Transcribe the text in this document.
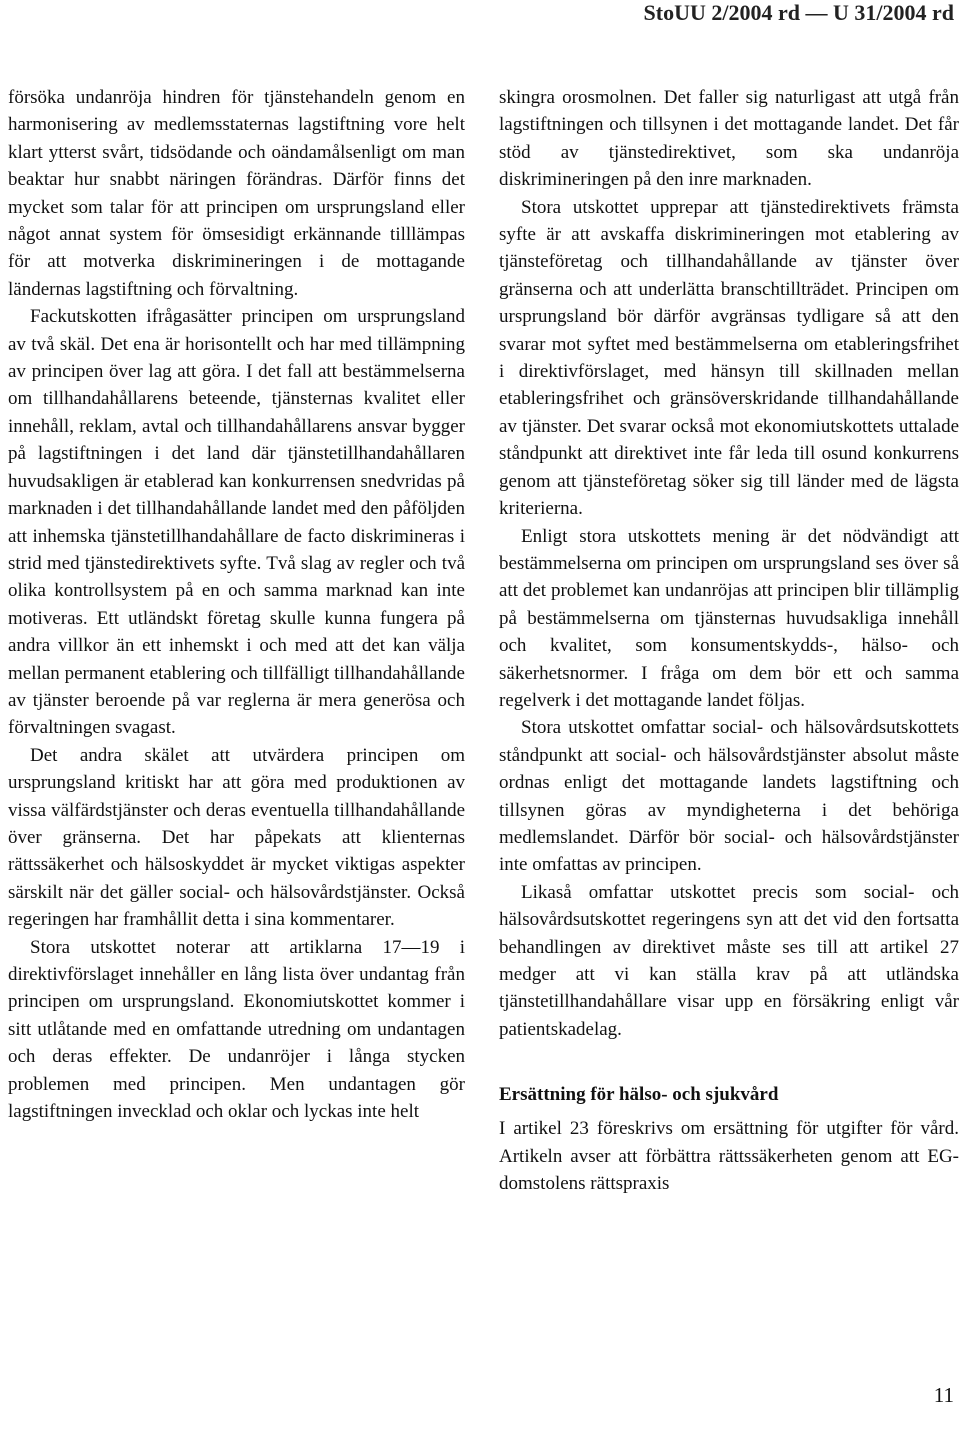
StoUU 2/2004 rd — U 31/2004 rd

försöka undanröja hindren för tjänstehandeln genom en harmonisering av medlemsstaternas lagstiftning vore helt klart ytterst svårt, tidsödande och oändamålsenligt om man beaktar hur snabbt näringen förändras. Därför finns det mycket som talar för att principen om ursprungsland eller något annat system för ömsesidigt erkännande tilllämpas för att motverka diskrimineringen i de mottagande ländernas lagstiftning och förvaltning.

Fackutskotten ifrågasätter principen om ursprungsland av två skäl. Det ena är horisontellt och har med tillämpning av principen över lag att göra. I det fall att bestämmelserna om tillhandahållarens beteende, tjänsternas kvalitet eller innehåll, reklam, avtal och tillhandahållarens ansvar bygger på lagstiftningen i det land där tjänstetillhandahållaren huvudsakligen är etablerad kan konkurrensen snedvridas på marknaden i det tillhandahållande landet med den påföljden att inhemska tjänstetillhandahållare de facto diskrimineras i strid med tjänstedirektivets syfte. Två slag av regler och två olika kontrollsystem på en och samma marknad kan inte motiveras. Ett utländskt företag skulle kunna fungera på andra villkor än ett inhemskt i och med att det kan välja mellan permanent etablering och tillfälligt tillhandahållande av tjänster beroende på var reglerna är mera generösa och förvaltningen svagast.

Det andra skälet att utvärdera principen om ursprungsland kritiskt har att göra med produktionen av vissa välfärdstjänster och deras eventuella tillhandahållande över gränserna. Det har påpekats att klienternas rättssäkerhet och hälsoskyddet är mycket viktigas aspekter särskilt när det gäller social- och hälsovårdstjänster. Också regeringen har framhållit detta i sina kommentarer.

Stora utskottet noterar att artiklarna 17—19 i direktivförslaget innehåller en lång lista över undantag från principen om ursprungsland. Ekonomiutskottet kommer i sitt utlåtande med en omfattande utredning om undantagen och deras effekter. De undanröjer i långa stycken problemen med principen. Men undantagen gör lagstiftningen invecklad och oklar och lyckas inte helt

skingra orosmolnen. Det faller sig naturligast att utgå från lagstiftningen och tillsynen i det mottagande landet. Det får stöd av tjänstedirektivet, som ska undanröja diskrimineringen på den inre marknaden.

Stora utskottet upprepar att tjänstedirektivets främsta syfte är att avskaffa diskrimineringen mot etablering av tjänsteföretag och tillhandahållande av tjänster över gränserna och att underlätta branschtillträdet. Principen om ursprungsland bör därför avgränsas tydligare så att den svarar mot syftet med bestämmelserna om etableringsfrihet i direktivförslaget, med hänsyn till skillnaden mellan etableringsfrihet och gränsöverskridande tillhandahållande av tjänster. Det svarar också mot ekonomiutskottets uttalade ståndpunkt att direktivet inte får leda till osund konkurrens genom att tjänsteföretag söker sig till länder med de lägsta kriterierna.

Enligt stora utskottets mening är det nödvändigt att bestämmelserna om principen om ursprungsland ses över så att det problemet kan undanröjas att principen blir tillämplig på bestämmelserna om tjänsternas huvudsakliga innehåll och kvalitet, som konsumentskydds-, hälso- och säkerhetsnormer. I fråga om dem bör ett och samma regelverk i det mottagande landet följas.

Stora utskottet omfattar social- och hälsovårdsutskottets ståndpunkt att social- och hälsovårdstjänster absolut måste ordnas enligt det mottagande landets lagstiftning och tillsynen göras av myndigheterna i det behöriga medlemslandet. Därför bör social- och hälsovårdstjänster inte omfattas av principen.

Likaså omfattar utskottet precis som social- och hälsovårdsutskottet regeringens syn att det vid den fortsatta behandlingen av direktivet måste ses till att artikel 27 medger att vi kan ställa krav på att utländska tjänstetillhandahållare visar upp en försäkring enligt vår patientskadelag.

Ersättning för hälso- och sjukvård

I artikel 23 föreskrivs om ersättning för utgifter för vård. Artikeln avser att förbättra rättssäkerheten genom att EG-domstolens rättspraxis

11
